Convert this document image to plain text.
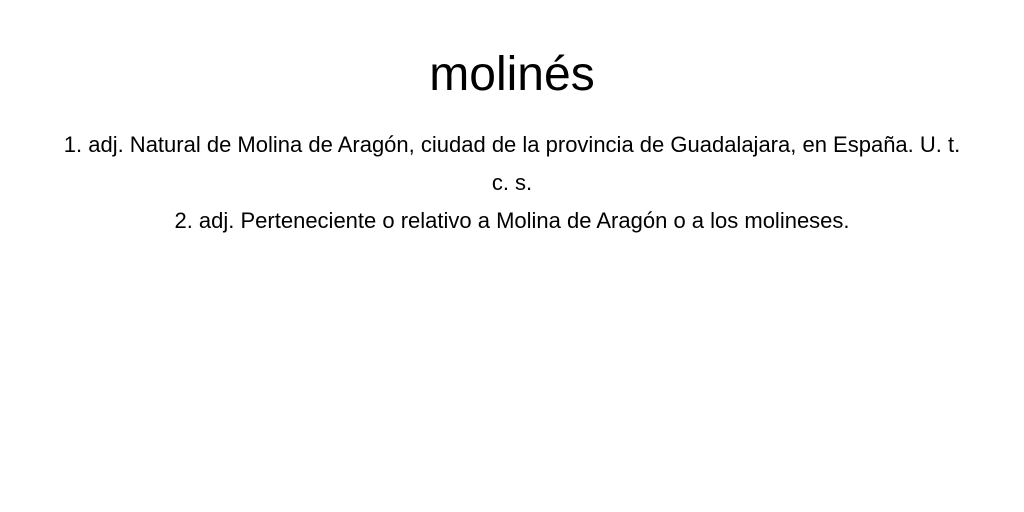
molinés

1. adj. Natural de Molina de Aragón, ciudad de la provincia de Guadalajara, en España. U. t. c. s.

2. adj. Perteneciente o relativo a Molina de Aragón o a los molineses.
